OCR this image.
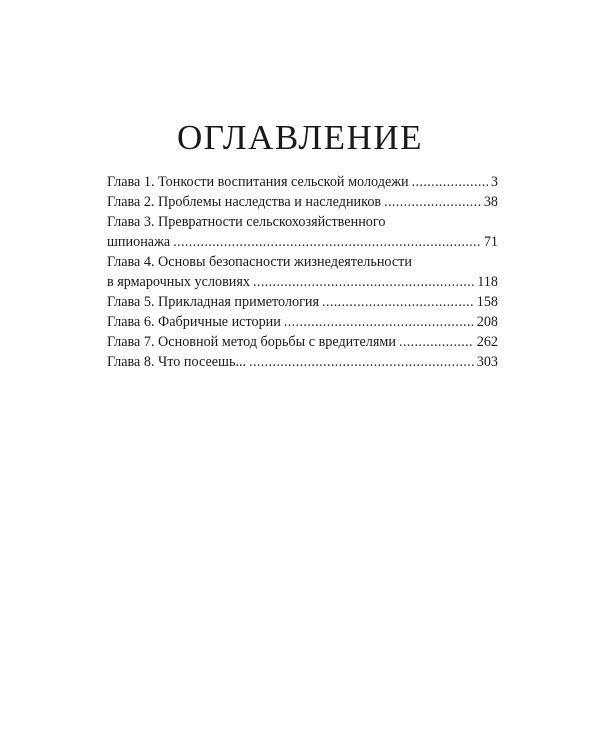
ОГЛАВЛЕНИЕ
Глава 1. Тонкости воспитания сельской молодежи . . .	3
Глава 2. Проблемы наследства и наследников . . .	38
Глава 3. Превратности сельскохозяйственного
шпионажа . . .	71
Глава 4. Основы безопасности жизнедеятельности
в ярмарочных условиях . . .	118
Глава 5. Прикладная приметология . . .	158
Глава 6. Фабричные истории . . .	208
Глава 7. Основной метод борьбы с вредителями . . .	262
Глава 8. Что посеешь... . . .	303
